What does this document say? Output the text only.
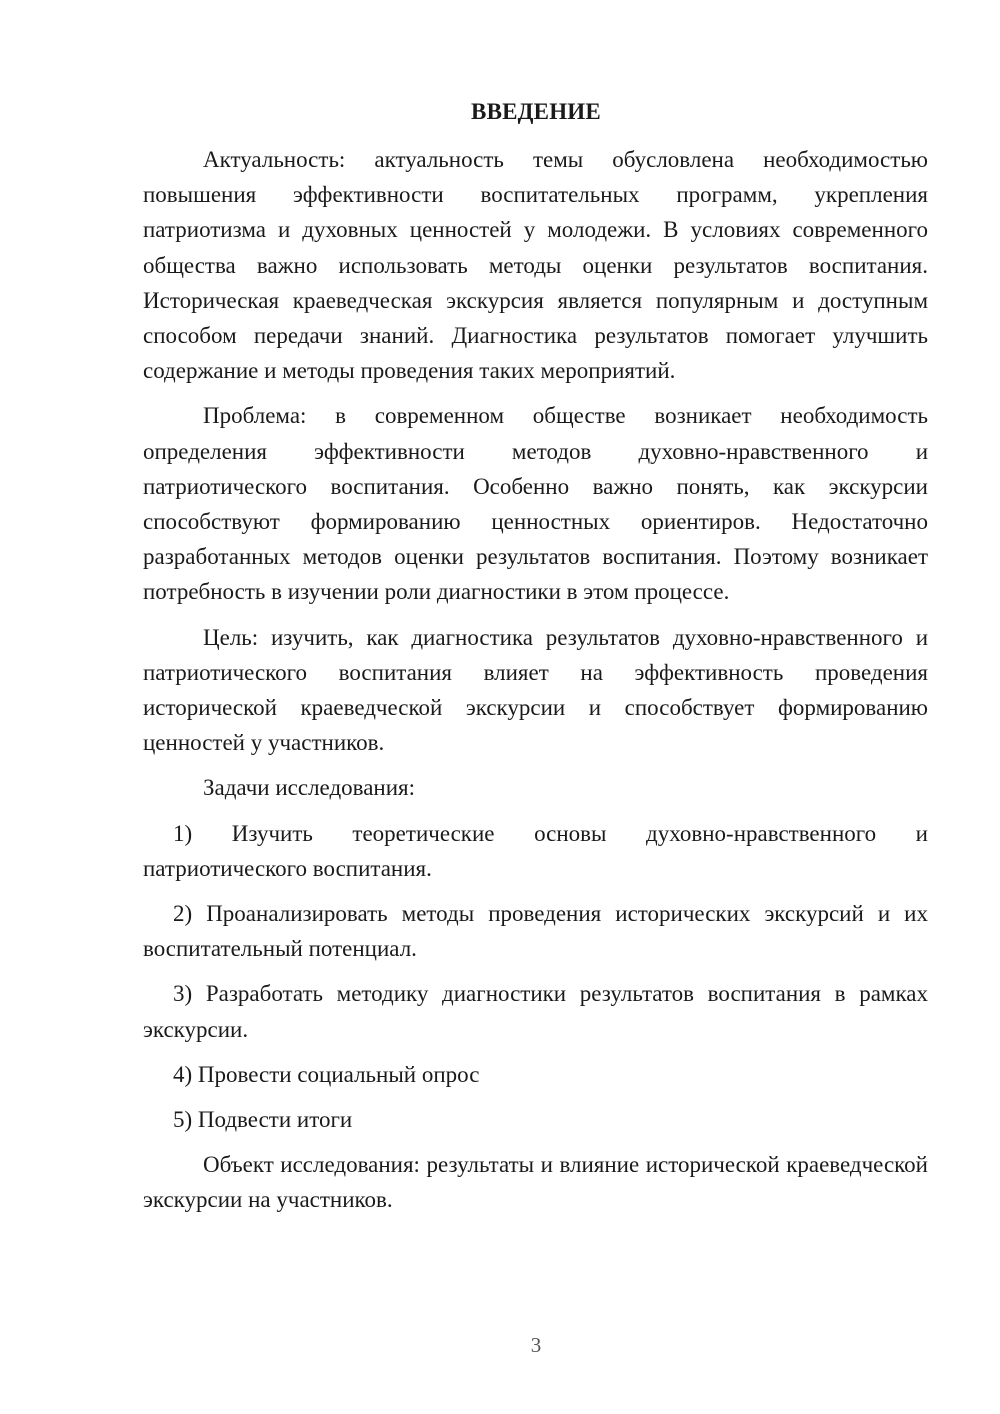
ВВЕДЕНИЕ

Актуальность: актуальность темы обусловлена необходимостью повышения эффективности воспитательных программ, укрепления патриотизма и духовных ценностей у молодежи. В условиях современного общества важно использовать методы оценки результатов воспитания. Историческая краеведческая экскурсия является популярным и доступным способом передачи знаний. Диагностика результатов помогает улучшить содержание и методы проведения таких мероприятий.

Проблема: в современном обществе возникает необходимость определения эффективности методов духовно-нравственного и патриотического воспитания. Особенно важно понять, как экскурсии способствуют формированию ценностных ориентиров. Недостаточно разработанных методов оценки результатов воспитания. Поэтому возникает потребность в изучении роли диагностики в этом процессе.

Цель: изучить, как диагностика результатов духовно-нравственного и патриотического воспитания влияет на эффективность проведения исторической краеведческой экскурсии и способствует формированию ценностей у участников.

Задачи исследования:

1) Изучить теоретические основы духовно-нравственного и патриотического воспитания.

2) Проанализировать методы проведения исторических экскурсий и их воспитательный потенциал.

3) Разработать методику диагностики результатов воспитания в рамках экскурсии.

4) Провести социальный опрос

5) Подвести итоги

Объект исследования: результаты и влияние исторической краеведческой экскурсии на участников.

3
